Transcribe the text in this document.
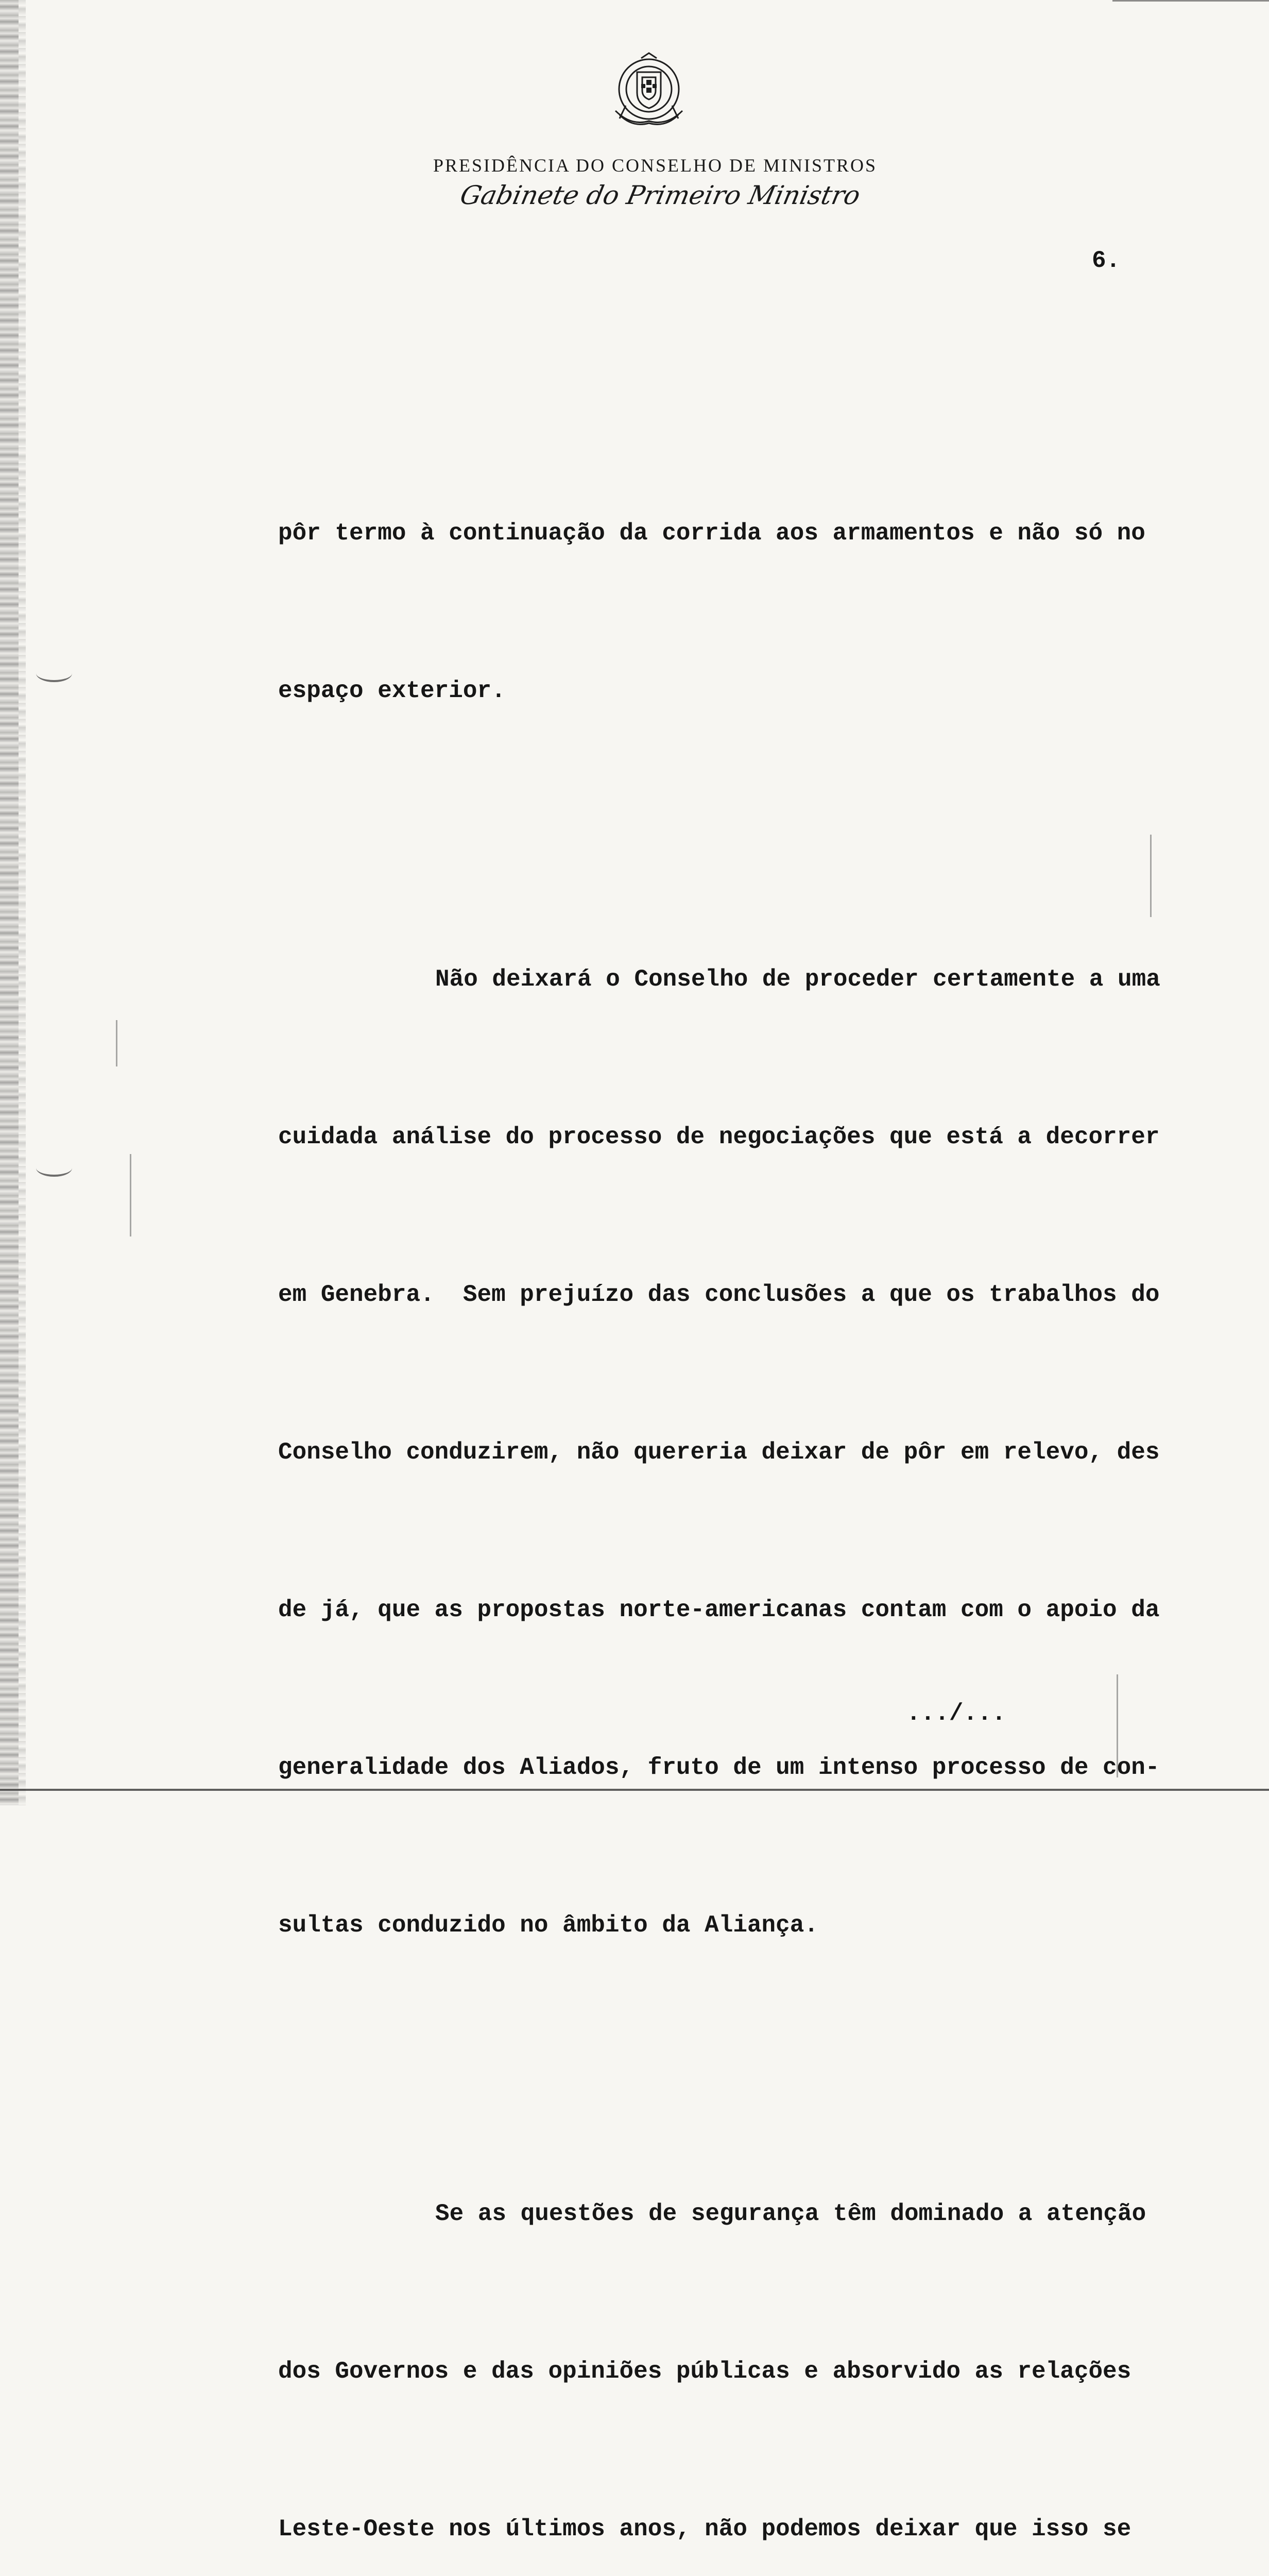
PRESIDÊNCIA DO CONSELHO DE MINISTROS

Gabinete do Primeiro Ministro

6.

pôr termo à continuação da corrida aos armamentos e não só no

espaço exterior.

Não deixará o Conselho de proceder certamente a uma

cuidada análise do processo de negociações que está a decorrer

em Genebra.  Sem prejuízo das conclusões a que os trabalhos do

Conselho conduzirem, não quereria deixar de pôr em relevo, des

de já, que as propostas norte-americanas contam com o apoio da

generalidade dos Aliados, fruto de um intenso processo de con-

sultas conduzido no âmbito da Aliança.

Se as questões de segurança têm dominado a atenção

dos Governos e das opiniões públicas e absorvido as relações

Leste-Oeste nos últimos anos, não podemos deixar que isso se

.../...
